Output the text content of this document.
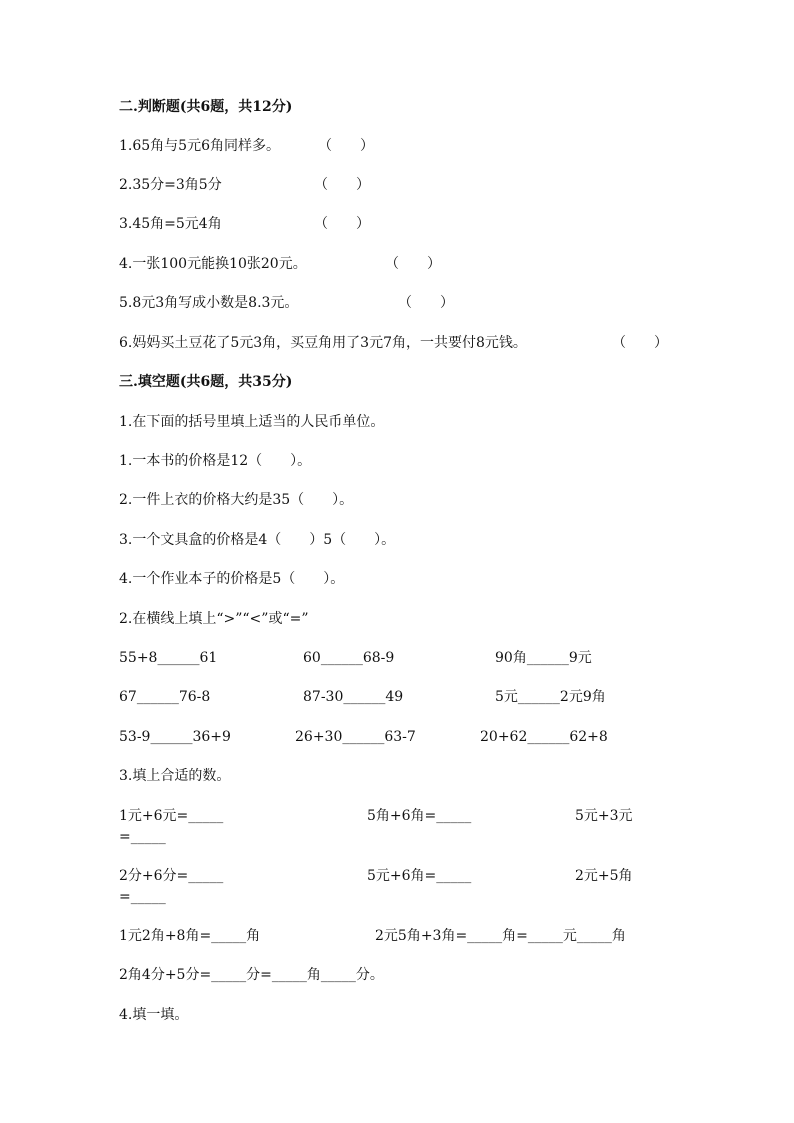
二.判断题(共6题，共12分)
1.65角与5元6角同样多。	（　　）
2.35分=3角5分	（　　）
3.45角=5元4角	（　　）
4.一张100元能换10张20元。	（　　）
5.8元3角写成小数是8.3元。	（　　）
6.妈妈买土豆花了5元3角，买豆角用了3元7角，一共要付8元钱。	（　　）
三.填空题(共6题，共35分)
1.在下面的括号里填上适当的人民币单位。
1.一本书的价格是12（　　）。
2.一件上衣的价格大约是35（　　）。
3.一个文具盒的价格是4（　　）5（　　）。
4.一个作业本子的价格是5（　　）。
2.在横线上填上“>”“<”或“=”
55+8______61	60______68-9	90角______9元
67______76-8	87-30______49	5元______2元9角
53-9______36+9	26+30______63-7	20+62______62+8
3.填上合适的数。
1元+6元=_____	5角+6角=_____	5元+3元
=_____
2分+6分=_____	5元+6角=_____	2元+5角
=_____
1元2角+8角=_____角	2元5角+3角=_____角=_____元_____角
2角4分+5分=_____分=_____角_____分。
4.填一填。
